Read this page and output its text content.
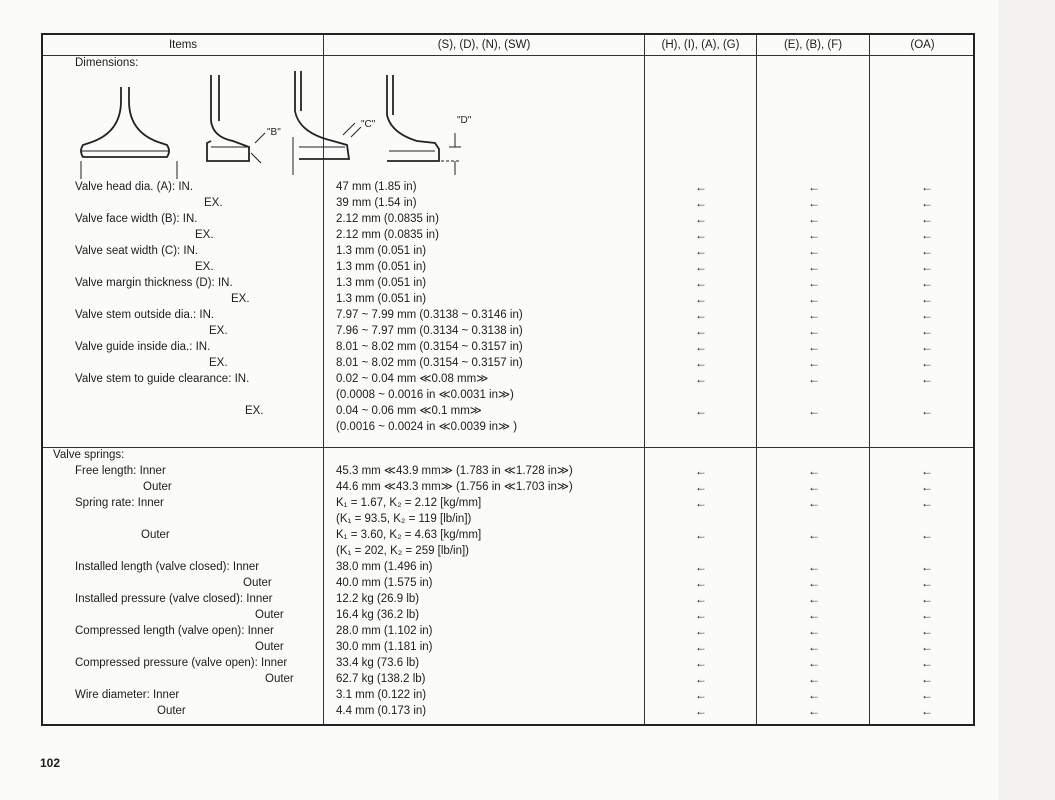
Items	(S), (D), (N), (SW)	(H), (I), (A), (G)	(E), (B), (F)	(OA)
Dimensions:
"B"
"C"	"D"
Valve head dia. (A): IN.	47 mm (1.85 in)	←	←	←
EX.	39 mm (1.54 in)	←	←	←
Valve face width (B): IN.	2.12 mm (0.0835 in)	←	←	←
EX.	2.12 mm (0.0835 in)	←	←	←
Valve seat width (C): IN.	1.3 mm (0.051 in)	←	←	←
EX.	1.3 mm (0.051 in)	←	←	←
Valve margin thickness (D): IN.	1.3 mm (0.051 in)	←	←	←
EX.	1.3 mm (0.051 in)	←	←	←
Valve stem outside dia.: IN.	7.97 ~ 7.99 mm (0.3138 ~ 0.3146 in)	←	←	←
EX.	7.96 ~ 7.97 mm (0.3134 ~ 0.3138 in)	←	←	←
Valve guide inside dia.: IN.	8.01 ~ 8.02 mm (0.3154 ~ 0.3157 in)	←	←	←
EX.	8.01 ~ 8.02 mm (0.3154 ~ 0.3157 in)	←	←	←
Valve stem to guide clearance: IN.	0.02 ~ 0.04 mm ≪0.08 mm≫	←	←	←
(0.0008 ~ 0.0016 in ≪0.0031 in≫)
EX.	0.04 ~ 0.06 mm ≪0.1 mm≫	←	←	←
(0.0016 ~ 0.0024 in ≪0.0039 in≫ )
Valve springs:
Free length: Inner	45.3 mm ≪43.9 mm≫ (1.783 in ≪1.728 in≫)	←	←	←
Outer	44.6 mm ≪43.3 mm≫ (1.756 in ≪1.703 in≫)	←	←	←
Spring rate: Inner	K₁ = 1.67, K₂ = 2.12 [kg/mm]	←	←	←
(K₁ = 93.5, K₂ = 119 [lb/in])
Outer	K₁ = 3.60, K₂ = 4.63 [kg/mm]	←	←	←
(K₁ = 202, K₂ = 259 [lb/in])
Installed length (valve closed): Inner	38.0 mm (1.496 in)	←	←	←
Outer	40.0 mm (1.575 in)	←	←	←
Installed pressure (valve closed): Inner	12.2 kg (26.9 lb)	←	←	←
Outer	16.4 kg (36.2 lb)	←	←	←
Compressed length (valve open): Inner	28.0 mm (1.102 in)	←	←	←
Outer	30.0 mm (1.181 in)	←	←	←
Compressed pressure (valve open): Inner	33.4 kg (73.6 lb)	←	←	←
Outer	62.7 kg (138.2 lb)	←	←	←
Wire diameter: Inner	3.1 mm (0.122 in)	←	←	←
Outer	4.4 mm (0.173 in)	←	←	←
102
